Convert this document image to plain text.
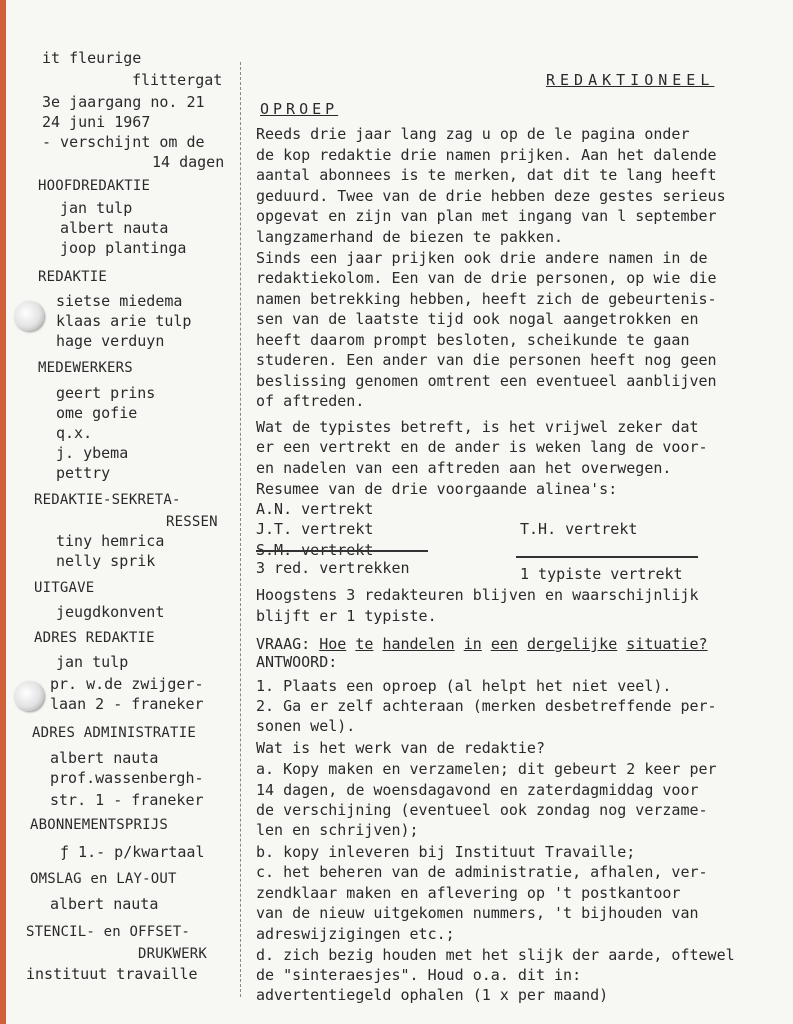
it fleurige
flittergat
3e jaargang no. 21
24 juni 1967
- verschijnt om de
14 dagen
HOOFDREDAKTIE
jan tulp
albert nauta
joop plantinga
REDAKTIE
sietse miedema
klaas arie tulp
hage verduyn
MEDEWERKERS
geert prins
ome gofie
q.x.
j. ybema
pettry
REDAKTIE-SEKRETA-
RESSEN
tiny hemrica
nelly sprik
UITGAVE
jeugdkonvent
ADRES REDAKTIE
jan tulp
pr. w.de zwijger-
laan 2 - franeker
ADRES ADMINISTRATIE
albert nauta
prof.wassenbergh-
str. 1 - franeker
ABONNEMENTSPRIJS
ƒ 1.- p/kwartaal
OMSLAG en LAY-OUT
albert nauta
STENCIL- en OFFSET-
DRUKWERK
instituut travaille
REDAKTIONEEL
OPROEP
Reeds drie jaar lang zag u op de le pagina onder
de kop redaktie drie namen prijken. Aan het dalende
aantal abonnees is te merken, dat dit te lang heeft
geduurd. Twee van de drie hebben deze gestes serieus
opgevat en zijn van plan met ingang van l september
langzamerhand de biezen te pakken.
Sinds een jaar prijken ook drie andere namen in de
redaktiekolom. Een van de drie personen, op wie die
namen betrekking hebben, heeft zich de gebeurtenis-
sen van de laatste tijd ook nogal aangetrokken en
heeft daarom prompt besloten, scheikunde te gaan
studeren. Een ander van die personen heeft nog geen
beslissing genomen omtrent een eventueel aanblijven
of aftreden.
Wat de typistes betreft, is het vrijwel zeker dat
er een vertrekt en de ander is weken lang de voor-
en nadelen van een aftreden aan het overwegen.
Resumee van de drie voorgaande alinea's:
A.N. vertrekt
J.T. vertrekt
S.M. vertrekt
T.H. vertrekt
3 red. vertrekken	1 typiste vertrekt
Hoogstens 3 redakteuren blijven en waarschijnlijk
blijft er 1 typiste.
VRAAG: Hoe te handelen in een dergelijke situatie?
ANTWOORD:
1. Plaats een oproep (al helpt het niet veel).
2. Ga er zelf achteraan (merken desbetreffende per-
sonen wel).
Wat is het werk van de redaktie?
a. Kopy maken en verzamelen; dit gebeurt 2 keer per
14 dagen, de woensdagavond en zaterdagmiddag voor
de verschijning (eventueel ook zondag nog verzame-
len en schrijven);
b. kopy inleveren bij Instituut Travaille;
c. het beheren van de administratie, afhalen, ver-
zendklaar maken en aflevering op 't postkantoor
van de nieuw uitgekomen nummers, 't bijhouden van
adreswijzigingen etc.;
d. zich bezig houden met het slijk der aarde, oftewel
de "sinteraesjes". Houd o.a. dit in:
advertentiegeld ophalen (1 x per maand)
